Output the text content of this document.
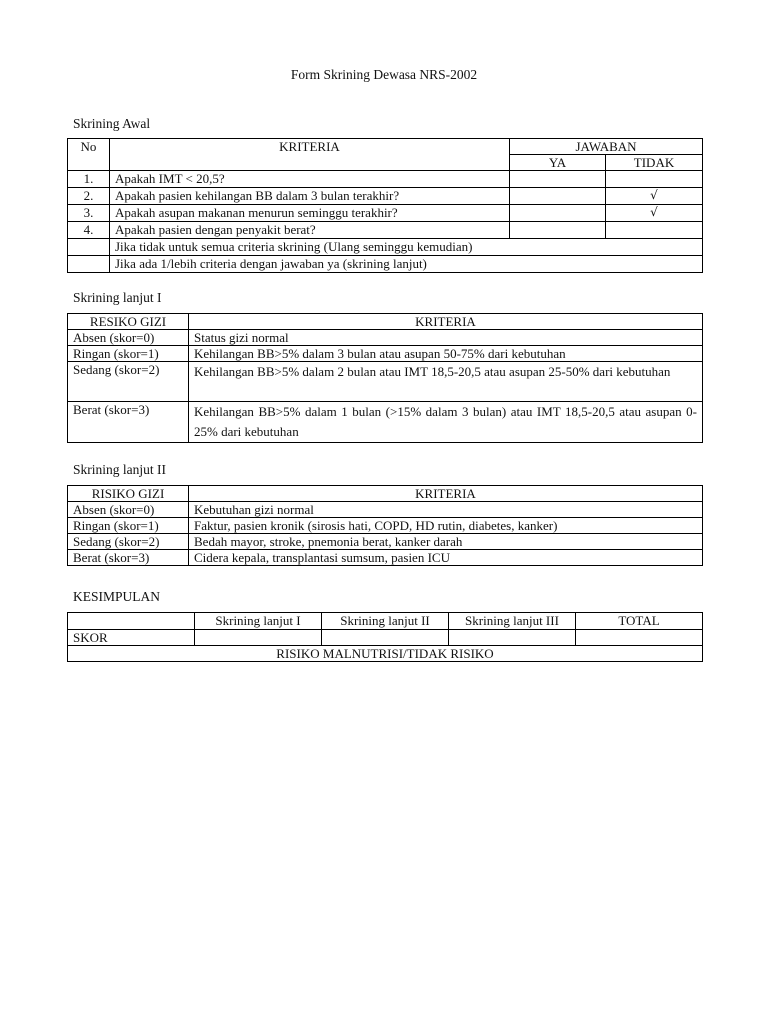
Form Skrining Dewasa NRS-2002
Skrining Awal
No	KRITERIA	JAWABAN	
		YA	TIDAK
1.	Apakah IMT < 20,5?		
2.	Apakah pasien kehilangan BB dalam 3 bulan terakhir?		√
3.	Apakah asupan makanan menurun seminggu terakhir?		√
4.	Apakah pasien dengan penyakit berat?		
	Jika tidak untuk semua criteria skrining (Ulang seminggu kemudian)		
	Jika ada 1/lebih criteria dengan jawaban ya (skrining lanjut)		
Skrining lanjut I
RESIKO GIZI	KRITERIA
Absen (skor=0)	Status gizi normal
Ringan (skor=1)	Kehilangan BB>5% dalam 3 bulan atau asupan 50-75% dari kebutuhan
Sedang (skor=2)	Kehilangan BB>5% dalam 2 bulan atau IMT 18,5-20,5 atau asupan 25-50% dari kebutuhan
Berat (skor=3)	Kehilangan BB>5% dalam 1 bulan (>15% dalam 3 bulan) atau IMT 18,5-20,5 atau asupan 0-25% dari kebutuhan
Skrining lanjut II
RISIKO GIZI	KRITERIA
Absen (skor=0)	Kebutuhan gizi normal
Ringan (skor=1)	Faktur, pasien kronik (sirosis hati, COPD, HD rutin, diabetes, kanker)
Sedang (skor=2)	Bedah mayor, stroke, pnemonia berat, kanker darah
Berat (skor=3)	Cidera kepala, transplantasi sumsum, pasien ICU
KESIMPULAN
	Skrining lanjut I	Skrining lanjut II	Skrining lanjut III	TOTAL
SKOR				
RISIKO MALNUTRISI/TIDAK RISIKO				
